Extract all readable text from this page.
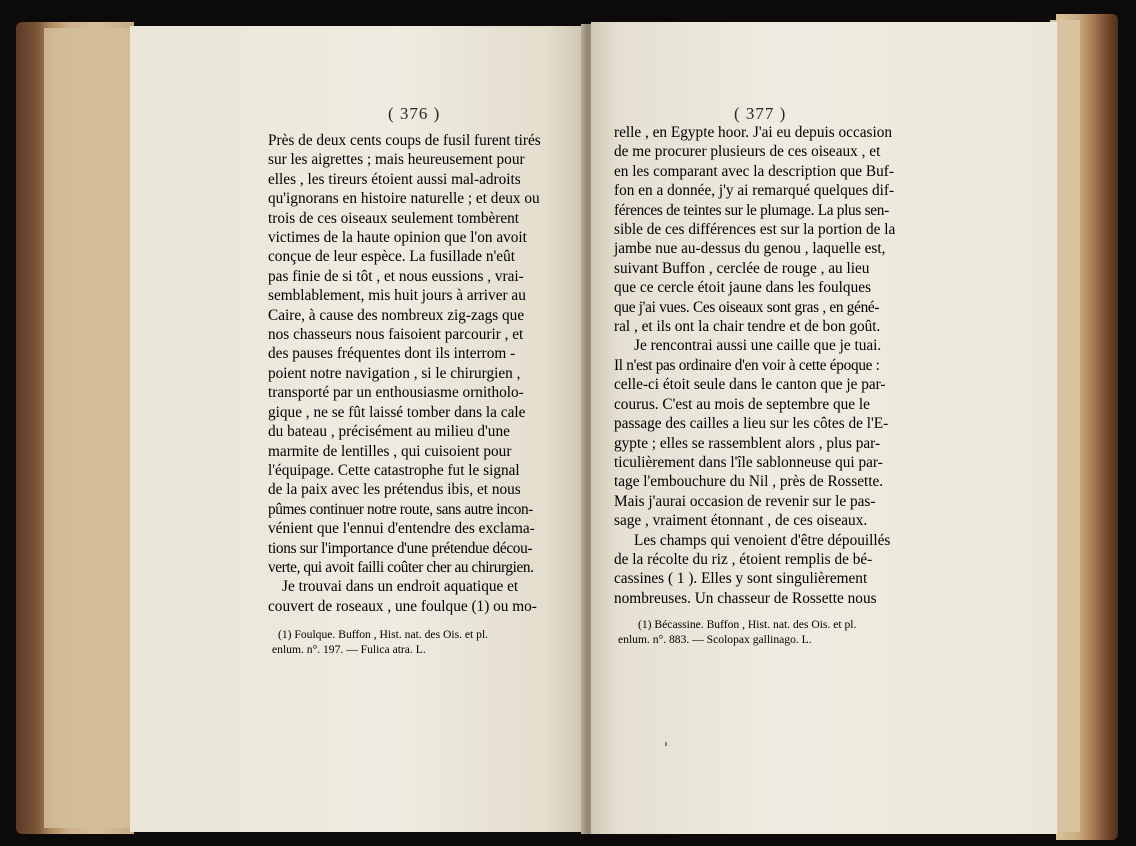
( 376 )
Près de deux cents coups de fusil furent tirés
sur les aigrettes ; mais heureusement pour
elles , les tireurs étoient aussi mal-adroits
qu'ignorans en histoire naturelle ; et deux ou
trois de ces oiseaux seulement tombèrent
victimes de la haute opinion que l'on avoit
conçue de leur espèce. La fusillade n'eût
pas finie de si tôt , et nous eussions , vrai-
semblablement, mis huit jours à arriver au
Caire, à cause des nombreux zig-zags que
nos chasseurs nous faisoient parcourir , et
des pauses fréquentes dont ils interrom -
poient notre navigation , si le chirurgien ,
transporté par un enthousiasme ornitholo-
gique , ne se fût laissé tomber dans la cale
du bateau , précisément au milieu d'une
marmite de lentilles , qui cuisoient pour
l'équipage. Cette catastrophe fut le signal
de la paix avec les prétendus ibis, et nous
pûmes continuer notre route, sans autre incon-
vénient que l'ennui d'entendre des exclama-
tions sur l'importance d'une prétendue décou-
verte, qui avoit failli coûter cher au chirurgien.
Je trouvai dans un endroit aquatique et
couvert de roseaux , une foulque (1) ou mo-
(1) Foulque. Buffon , Hist. nat. des Ois. et pl.
enlum. n°. 197. — Fulica atra. L.
( 377 )
relle , en Egypte hoor. J'ai eu depuis occasion
de me procurer plusieurs de ces oiseaux , et
en les comparant avec la description que Buf-
fon en a donnée, j'y ai remarqué quelques dif-
férences de teintes sur le plumage. La plus sen-
sible de ces différences est sur la portion de la
jambe nue au-dessus du genou , laquelle est,
suivant Buffon , cerclée de rouge , au lieu
que ce cercle étoit jaune dans les foulques
que j'ai vues. Ces oiseaux sont gras , en géné-
ral , et ils ont la chair tendre et de bon goût.
Je rencontrai aussi une caille que je tuai.
Il n'est pas ordinaire d'en voir à cette époque :
celle-ci étoit seule dans le canton que je par-
courus. C'est au mois de septembre que le
passage des cailles a lieu sur les côtes de l'E-
gypte ; elles se rassemblent alors , plus par-
ticulièrement dans l'île sablonneuse qui par-
tage l'embouchure du Nil , près de Rossette.
Mais j'aurai occasion de revenir sur le pas-
sage , vraiment étonnant , de ces oiseaux.
Les champs qui venoient d'être dépouillés
de la récolte du riz , étoient remplis de bé-
cassines ( 1 ). Elles y sont singulièrement
nombreuses. Un chasseur de Rossette nous
(1) Bécassine. Buffon , Hist. nat. des Ois. et pl.
enlum. n°. 883. — Scolopax gallinago. L.
